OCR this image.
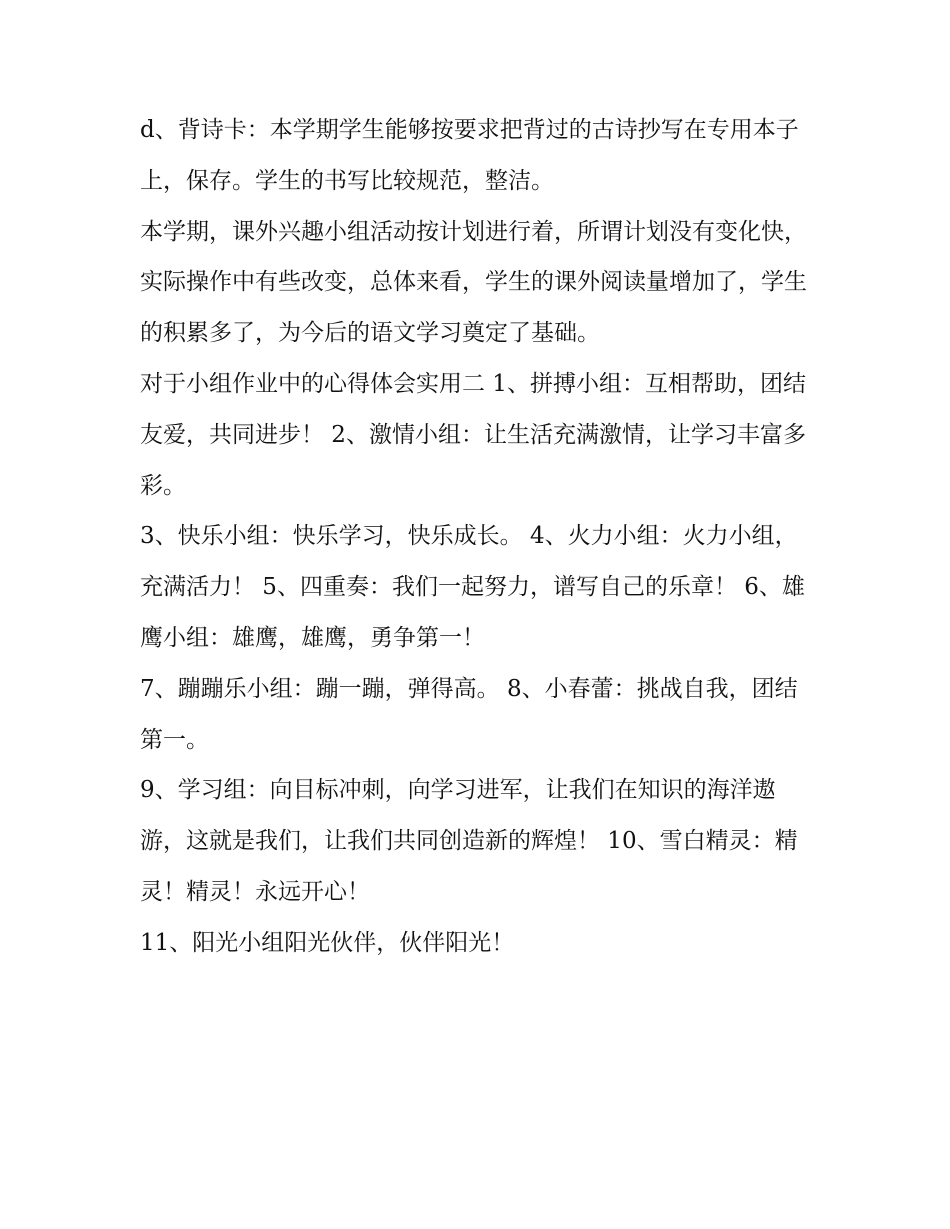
d、背诗卡：本学期学生能够按要求把背过的古诗抄写在专用本子上，保存。学生的书写比较规范，整洁。

本学期，课外兴趣小组活动按计划进行着，所谓计划没有变化快，实际操作中有些改变，总体来看，学生的课外阅读量增加了，学生的积累多了，为今后的语文学习奠定了基础。

对于小组作业中的心得体会实用二 1、拼搏小组：互相帮助，团结友爱，共同进步！ 2、激情小组：让生活充满激情，让学习丰富多彩。

3、快乐小组：快乐学习，快乐成长。 4、火力小组：火力小组，充满活力！ 5、四重奏：我们一起努力，谱写自己的乐章！ 6、雄鹰小组：雄鹰，雄鹰，勇争第一！

7、蹦蹦乐小组：蹦一蹦，弹得高。 8、小春蕾：挑战自我，团结第一。

9、学习组：向目标冲刺，向学习进军，让我们在知识的海洋遨游，这就是我们，让我们共同创造新的辉煌！ 10、雪白精灵：精灵！精灵！永远开心！

11、阳光小组阳光伙伴，伙伴阳光！
